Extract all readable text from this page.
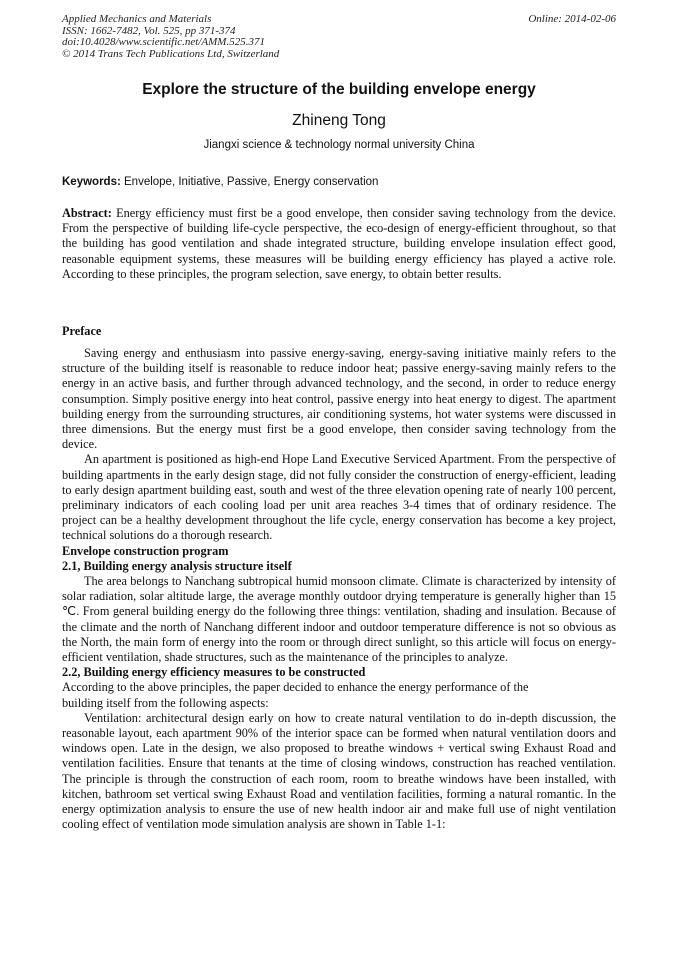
Applied Mechanics and Materials
ISSN: 1662-7482, Vol. 525, pp 371-374
doi:10.4028/www.scientific.net/AMM.525.371
© 2014 Trans Tech Publications Ltd, Switzerland
Online: 2014-02-06
Explore the structure of the building envelope energy
Zhineng Tong
Jiangxi science & technology normal university China
Keywords: Envelope, Initiative, Passive, Energy conservation

Abstract: Energy efficiency must first be a good envelope, then consider saving technology from the device. From the perspective of building life-cycle perspective, the eco-design of energy-efficient throughout, so that the building has good ventilation and shade integrated structure, building envelope insulation effect good, reasonable equipment systems, these measures will be building energy efficiency has played a active role. According to these principles, the program selection, save energy, to obtain better results.

Preface

Saving energy and enthusiasm into passive energy-saving, energy-saving initiative mainly refers to the structure of the building itself is reasonable to reduce indoor heat; passive energy-saving mainly refers to the energy in an active basis, and further through advanced technology, and the second, in order to reduce energy consumption. Simply positive energy into heat control, passive energy into heat energy to digest. The apartment building energy from the surrounding structures, air conditioning systems, hot water systems were discussed in three dimensions. But the energy must first be a good envelope, then consider saving technology from the device.

An apartment is positioned as high-end Hope Land Executive Serviced Apartment. From the perspective of building apartments in the early design stage, did not fully consider the construction of energy-efficient, leading to early design apartment building east, south and west of the three elevation opening rate of nearly 100 percent, preliminary indicators of each cooling load per unit area reaches 3-4 times that of ordinary residence. The project can be a healthy development throughout the life cycle, energy conservation has become a key project, technical solutions do a thorough research.

Envelope construction program

2.1, Building energy analysis structure itself

The area belongs to Nanchang subtropical humid monsoon climate. Climate is characterized by intensity of solar radiation, solar altitude large, the average monthly outdoor drying temperature is generally higher than 15 ℃. From general building energy do the following three things: ventilation, shading and insulation. Because of the climate and the north of Nanchang different indoor and outdoor temperature difference is not so obvious as the North, the main form of energy into the room or through direct sunlight, so this article will focus on energy-efficient ventilation, shade structures, such as the maintenance of the principles to analyze.

2.2, Building energy efficiency measures to be constructed

According to the above principles, the paper decided to enhance the energy performance of the

building itself from the following aspects:

Ventilation: architectural design early on how to create natural ventilation to do in-depth discussion, the reasonable layout, each apartment 90% of the interior space can be formed when natural ventilation doors and windows open. Late in the design, we also proposed to breathe windows + vertical swing Exhaust Road and ventilation facilities. Ensure that tenants at the time of closing windows, construction has reached ventilation. The principle is through the construction of each room, room to breathe windows have been installed, with kitchen, bathroom set vertical swing Exhaust Road and ventilation facilities, forming a natural romantic. In the energy optimization analysis to ensure the use of new health indoor air and make full use of night ventilation cooling effect of ventilation mode simulation analysis are shown in Table 1-1:
